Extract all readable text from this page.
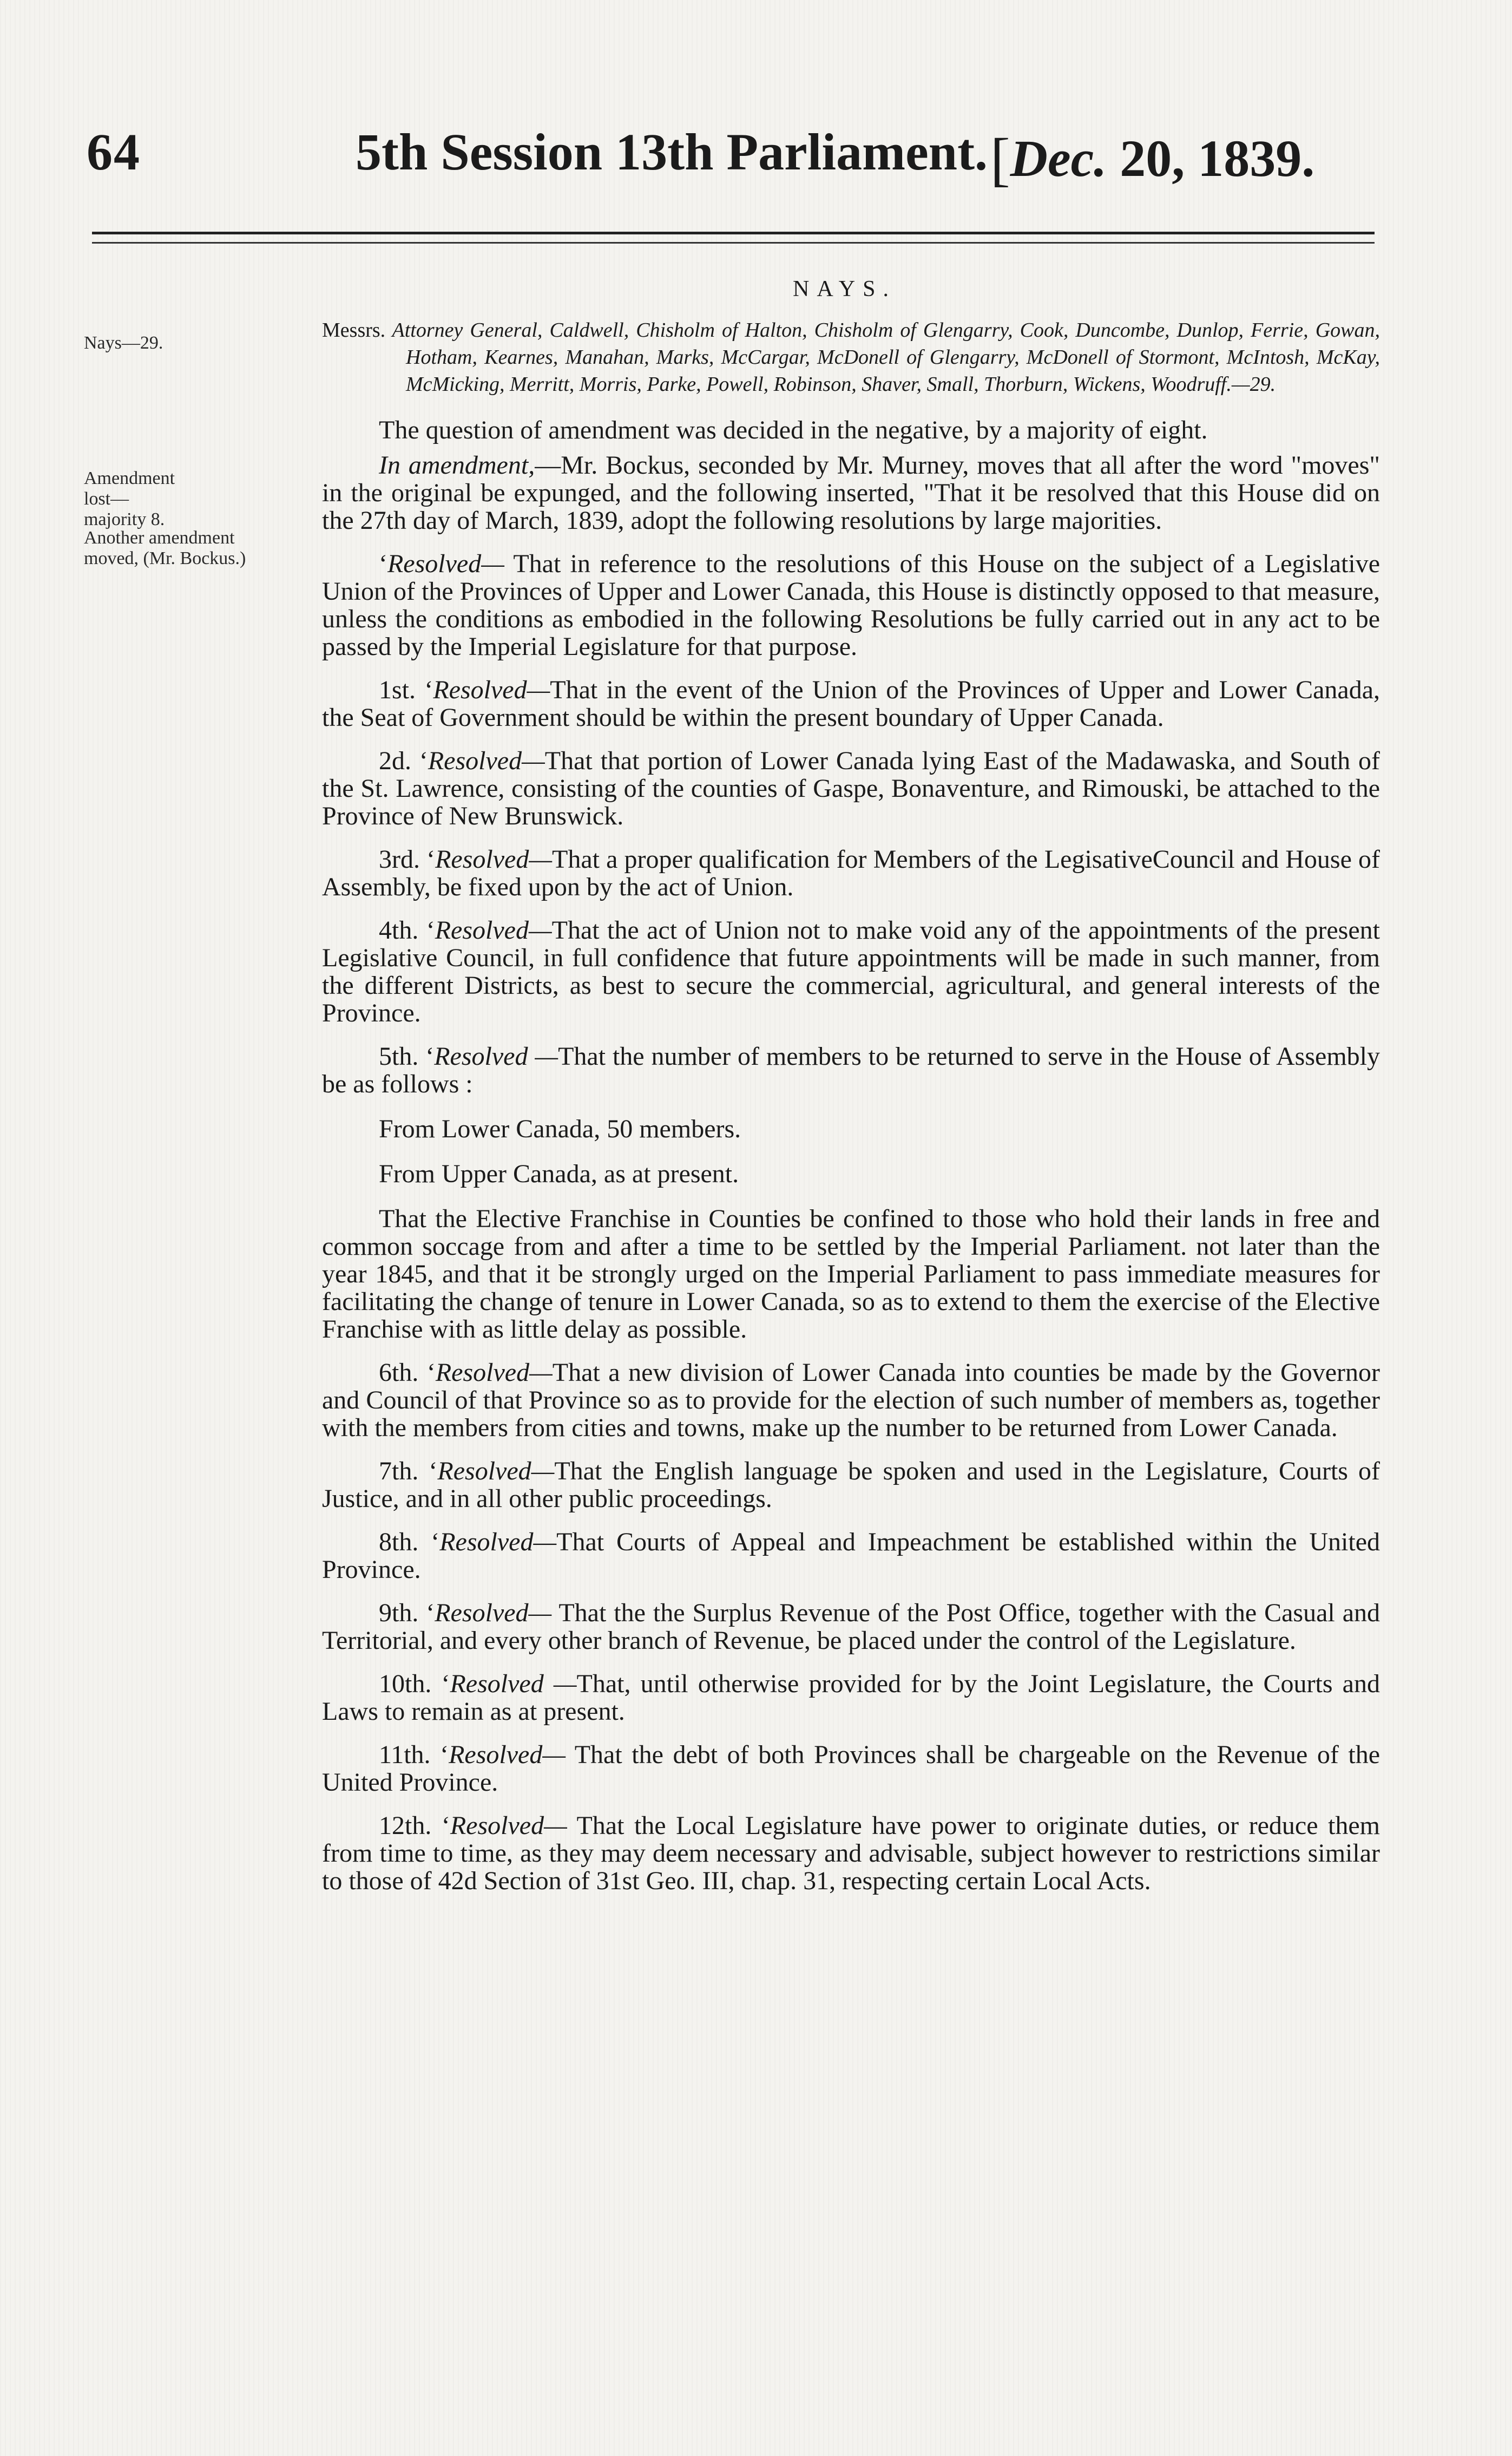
64	5th Session 13th Parliament. [Dec. 20, 1839.
NAYS.
Nays—29.
Amendment lost—majority 8.
Another amendment moved, (Mr. Bockus.)

Messrs. Attorney General, Caldwell, Chisholm of Halton, Chisholm of Glengarry, Cook, Duncombe, Dunlop, Ferrie, Gowan, Hotham, Kearnes, Manahan, Marks, McCargar, McDonell of Glengarry, McDonell of Stormont, McIntosh, McKay, McMicking, Merritt, Morris, Parke, Powell, Robinson, Shaver, Small, Thorburn, Wickens, Woodruff.—29.

The question of amendment was decided in the negative, by a majority of eight.

In amendment,—Mr. Bockus, seconded by Mr. Murney, moves that all after the word "moves" in the original be expunged, and the following inserted, "That it be resolved that this House did on the 27th day of March, 1839, adopt the following resolutions by large majorities.

‘Resolved— That in reference to the resolutions of this House on the subject of a Legislative Union of the Provinces of Upper and Lower Canada, this House is distinctly opposed to that measure, unless the conditions as embodied in the following Resolutions be fully carried out in any act to be passed by the Imperial Legislature for that purpose.

1st. ‘Resolved—That in the event of the Union of the Provinces of Upper and Lower Canada, the Seat of Government should be within the present boundary of Upper Canada.

2d. ‘Resolved—That that portion of Lower Canada lying East of the Madawaska, and South of the St. Lawrence, consisting of the counties of Gaspe, Bonaventure, and Rimouski, be attached to the Province of New Brunswick.

3rd. ‘Resolved—That a proper qualification for Members of the LegisativeCouncil and House of Assembly, be fixed upon by the act of Union.

4th. ‘Resolved—That the act of Union not to make void any of the appointments of the present Legislative Council, in full confidence that future appointments will be made in such manner, from the different Districts, as best to secure the commercial, agricultural, and general interests of the Province.

5th. ‘Resolved —That the number of members to be returned to serve in the House of Assembly be as follows :

From Lower Canada, 50 members.

From Upper Canada, as at present.

That the Elective Franchise in Counties be confined to those who hold their lands in free and common soccage from and after a time to be settled by the Imperial Parliament. not later than the year 1845, and that it be strongly urged on the Imperial Parliament to pass immediate measures for facilitating the change of tenure in Lower Canada, so as to extend to them the exercise of the Elective Franchise with as little delay as possible.

6th. ‘Resolved—That a new division of Lower Canada into counties be made by the Governor and Council of that Province so as to provide for the election of such number of members as, together with the members from cities and towns, make up the number to be returned from Lower Canada.

7th. ‘Resolved—That the English language be spoken and used in the Legislature, Courts of Justice, and in all other public proceedings.

8th. ‘Resolved—That Courts of Appeal and Impeachment be established within the United Province.

9th. ‘Resolved— That the the Surplus Revenue of the Post Office, together with the Casual and Territorial, and every other branch of Revenue, be placed under the control of the Legislature.

10th. ‘Resolved —That, until otherwise provided for by the Joint Legislature, the Courts and Laws to remain as at present.

11th. ‘Resolved— That the debt of both Provinces shall be chargeable on the Revenue of the United Province.

12th. ‘Resolved— That the Local Legislature have power to originate duties, or reduce them from time to time, as they may deem necessary and advisable, subject however to restrictions similar to those of 42d Section of 31st Geo. III, chap. 31, respecting certain Local Acts.
